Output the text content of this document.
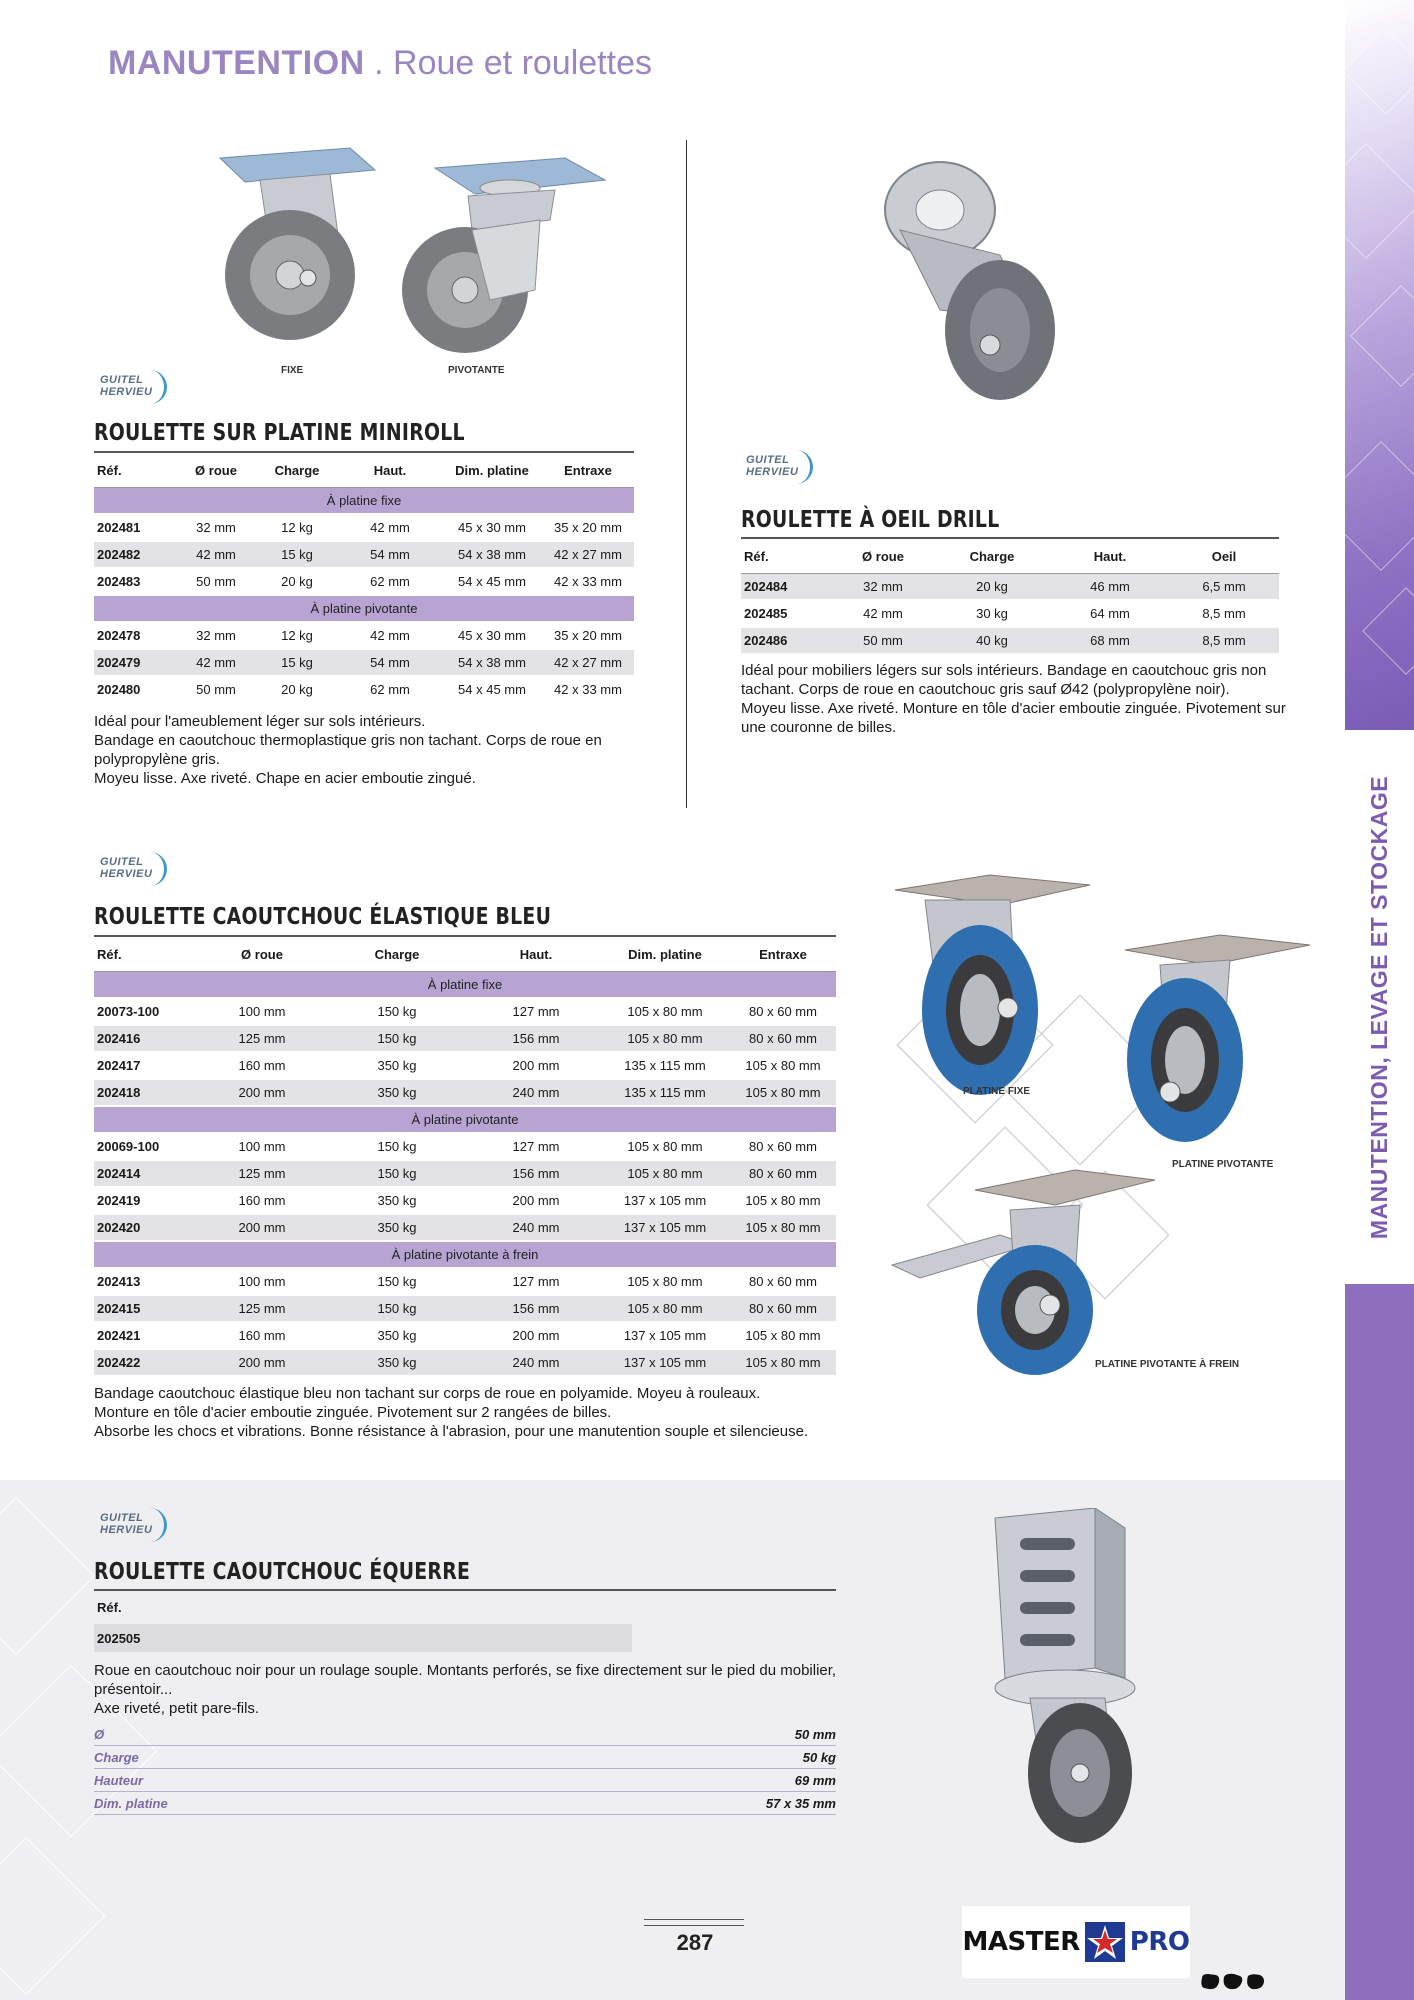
MANUTENTION, LEVAGE ET STOCKAGE
MANUTENTION . Roue et roulettes
FIXE	PIVOTANTE
GUITEL
HERVIEU
ROULETTE SUR PLATINE MINIROLL
Réf.	Ø roue	Charge	Haut.	Dim. platine	Entraxe
À platine fixe					
202481	32 mm	12 kg	42 mm	45 x 30 mm	35 x 20 mm
202482	42 mm	15 kg	54 mm	54 x 38 mm	42 x 27 mm
202483	50 mm	20 kg	62 mm	54 x 45 mm	42 x 33 mm
À platine pivotante					
202478	32 mm	12 kg	42 mm	45 x 30 mm	35 x 20 mm
202479	42 mm	15 kg	54 mm	54 x 38 mm	42 x 27 mm
202480	50 mm	20 kg	62 mm	54 x 45 mm	42 x 33 mm
Idéal pour l'ameublement léger sur sols intérieurs.
Bandage en caoutchouc thermoplastique gris non tachant. Corps de roue en
polypropylène gris.
Moyeu lisse. Axe riveté. Chape en acier emboutie zingué.
GUITEL
HERVIEU
ROULETTE À OEIL DRILL
Réf.	Ø roue	Charge	Haut.	Oeil
202484	32 mm	20 kg	46 mm	6,5 mm
202485	42 mm	30 kg	64 mm	8,5 mm
202486	50 mm	40 kg	68 mm	8,5 mm
Idéal pour mobiliers légers sur sols intérieurs. Bandage en caoutchouc gris non
tachant. Corps de roue en caoutchouc gris sauf Ø42 (polypropylène noir).
Moyeu lisse. Axe riveté. Monture en tôle d'acier emboutie zinguée. Pivotement sur
une couronne de billes.
GUITEL
HERVIEU
ROULETTE CAOUTCHOUC ÉLASTIQUE BLEU
Réf.	Ø roue	Charge	Haut.	Dim. platine	Entraxe
À platine fixe					
20073-100	100 mm	150 kg	127 mm	105 x 80 mm	80 x 60 mm
202416	125 mm	150 kg	156 mm	105 x 80 mm	80 x 60 mm
202417	160 mm	350 kg	200 mm	135 x 115 mm	105 x 80 mm
202418	200 mm	350 kg	240 mm	135 x 115 mm	105 x 80 mm
À platine pivotante					
20069-100	100 mm	150 kg	127 mm	105 x 80 mm	80 x 60 mm
202414	125 mm	150 kg	156 mm	105 x 80 mm	80 x 60 mm
202419	160 mm	350 kg	200 mm	137 x 105 mm	105 x 80 mm
202420	200 mm	350 kg	240 mm	137 x 105 mm	105 x 80 mm
À platine pivotante à frein					
202413	100 mm	150 kg	127 mm	105 x 80 mm	80 x 60 mm
202415	125 mm	150 kg	156 mm	105 x 80 mm	80 x 60 mm
202421	160 mm	350 kg	200 mm	137 x 105 mm	105 x 80 mm
202422	200 mm	350 kg	240 mm	137 x 105 mm	105 x 80 mm
Bandage caoutchouc élastique bleu non tachant sur corps de roue en polyamide. Moyeu à rouleaux.
Monture en tôle d'acier emboutie zinguée. Pivotement sur 2 rangées de billes.
Absorbe les chocs et vibrations. Bonne résistance à l'abrasion, pour une manutention souple et silencieuse.
PLATINE FIXE
PLATINE PIVOTANTE
PLATINE PIVOTANTE À FREIN
GUITEL
HERVIEU
ROULETTE CAOUTCHOUC ÉQUERRE
Réf.
202505
Roue en caoutchouc noir pour un roulage souple. Montants perforés, se fixe directement sur le pied du mobilier,
présentoir...
Axe riveté, petit pare-fils.
Ø	50 mm
Charge	50 kg
Hauteur	69 mm
Dim. platine	57 x 35 mm
287	MASTER PRO
